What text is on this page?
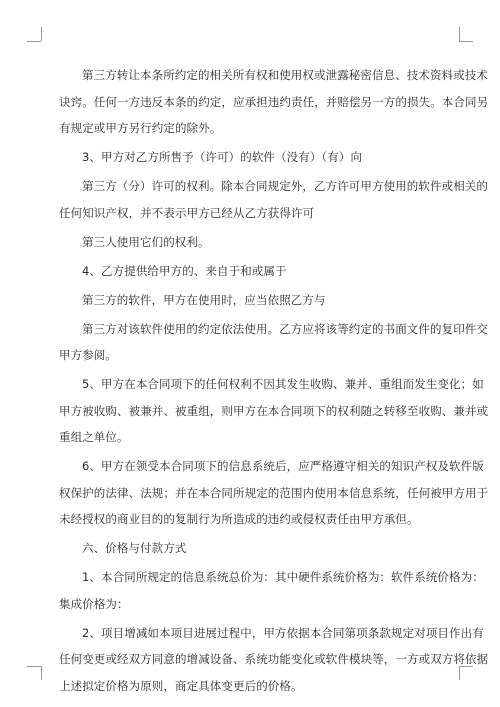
第三方转让本条所约定的相关所有权和使用权或泄露秘密信息、技术资料或技术
诀窍。任何一方违反本条的约定，应承担违约责任，并赔偿另一方的损失。本合同另
有规定或甲方另行约定的除外。

3、甲方对乙方所售予（许可）的软件（没有）（有）向

第三方（分）许可的权利。除本合同规定外，乙方许可甲方使用的软件或相关的
任何知识产权，并不表示甲方已经从乙方获得许可

第三人使用它们的权利。

4、乙方提供给甲方的、来自于和或属于

第三方的软件，甲方在使用时，应当依照乙方与

第三方对该软件使用的约定依法使用。乙方应将该等约定的书面文件的复印件交
甲方参阅。

5、甲方在本合同项下的任何权利不因其发生收购、兼并、重组而发生变化；如
甲方被收购、被兼并、被重组，则甲方在本合同项下的权利随之转移至收购、兼并或
重组之单位。

6、甲方在领受本合同项下的信息系统后，应严格遵守相关的知识产权及软件版
权保护的法律、法规；并在本合同所规定的范围内使用本信息系统，任何被甲方用于
未经授权的商业目的的复制行为所造成的违约或侵权责任由甲方承但。

六、价格与付款方式

1、本合同所规定的信息系统总价为：其中硬件系统价格为：软件系统价格为：
集成价格为：

2、项目增减如本项目进展过程中，甲方依据本合同第项条款规定对项目作出有
任何变更或经双方同意的增减设备、系统功能变化或软件模块等，一方或双方将依据
上述拟定价格为原则，商定具体变更后的价格。
